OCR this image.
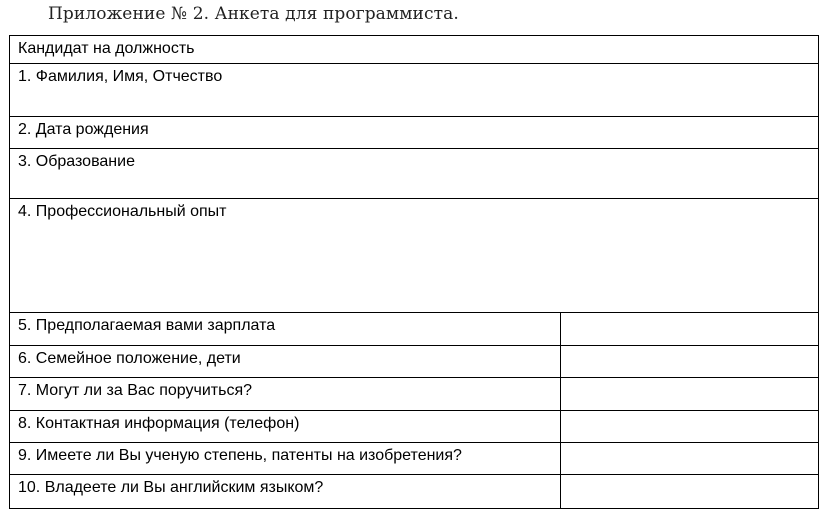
Приложение № 2. Анкета для программиста.
Кандидат на должность	

1. Фамилия, Имя, Отчество	

2. Дата рождения	

3. Образование	

4. Профессиональный опыт	

5. Предполагаемая вами зарплата	

6. Семейное положение, дети	

7. Могут ли за Вас поручиться?	

8. Контактная информация (телефон)	

9. Имеете ли Вы ученую степень, патенты на изобретения?	

10. Владеете ли Вы английским языком?	
